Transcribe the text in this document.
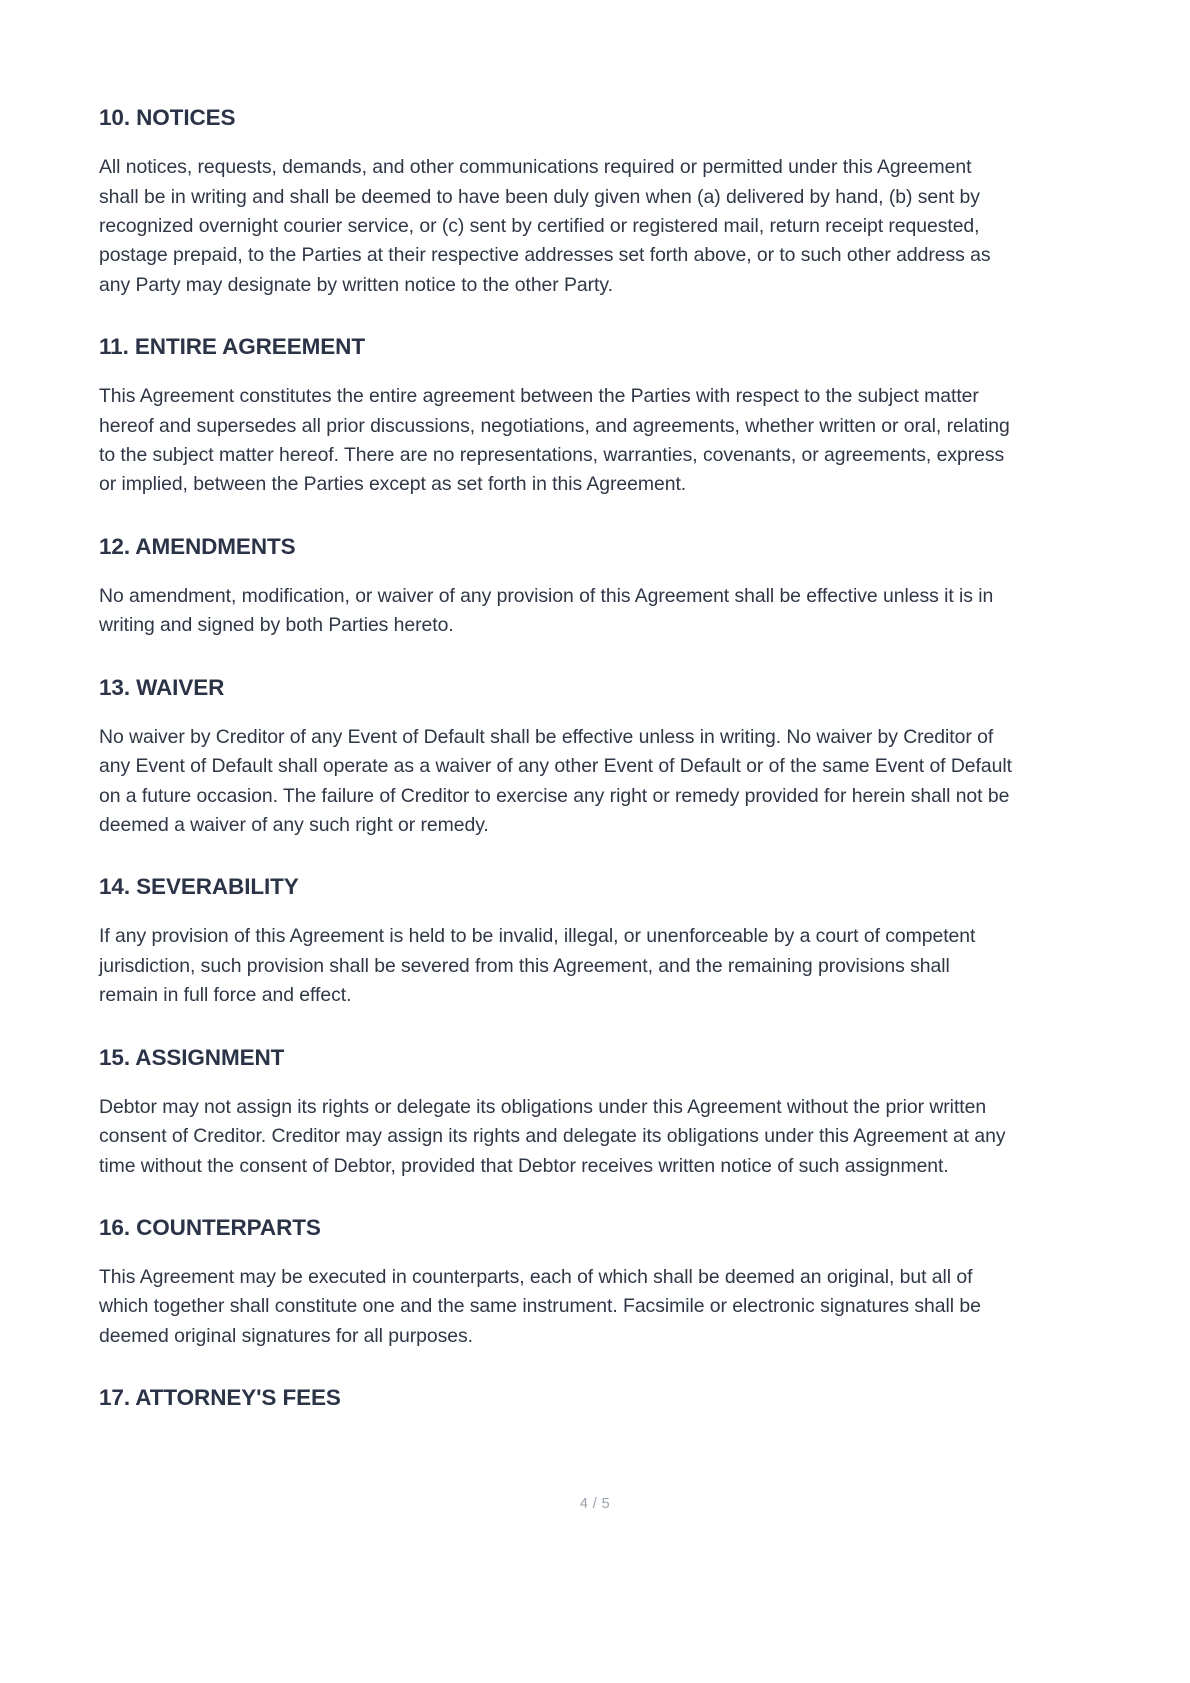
10. NOTICES

All notices, requests, demands, and other communications required or permitted under this Agreement shall be in writing and shall be deemed to have been duly given when (a) delivered by hand, (b) sent by recognized overnight courier service, or (c) sent by certified or registered mail, return receipt requested, postage prepaid, to the Parties at their respective addresses set forth above, or to such other address as any Party may designate by written notice to the other Party.

11. ENTIRE AGREEMENT

This Agreement constitutes the entire agreement between the Parties with respect to the subject matter hereof and supersedes all prior discussions, negotiations, and agreements, whether written or oral, relating to the subject matter hereof. There are no representations, warranties, covenants, or agreements, express or implied, between the Parties except as set forth in this Agreement.

12. AMENDMENTS

No amendment, modification, or waiver of any provision of this Agreement shall be effective unless it is in writing and signed by both Parties hereto.

13. WAIVER

No waiver by Creditor of any Event of Default shall be effective unless in writing. No waiver by Creditor of any Event of Default shall operate as a waiver of any other Event of Default or of the same Event of Default on a future occasion. The failure of Creditor to exercise any right or remedy provided for herein shall not be deemed a waiver of any such right or remedy.

14. SEVERABILITY

If any provision of this Agreement is held to be invalid, illegal, or unenforceable by a court of competent jurisdiction, such provision shall be severed from this Agreement, and the remaining provisions shall remain in full force and effect.

15. ASSIGNMENT

Debtor may not assign its rights or delegate its obligations under this Agreement without the prior written consent of Creditor. Creditor may assign its rights and delegate its obligations under this Agreement at any time without the consent of Debtor, provided that Debtor receives written notice of such assignment.

16. COUNTERPARTS

This Agreement may be executed in counterparts, each of which shall be deemed an original, but all of which together shall constitute one and the same instrument. Facsimile or electronic signatures shall be deemed original signatures for all purposes.

17. ATTORNEY'S FEES
4 / 5
